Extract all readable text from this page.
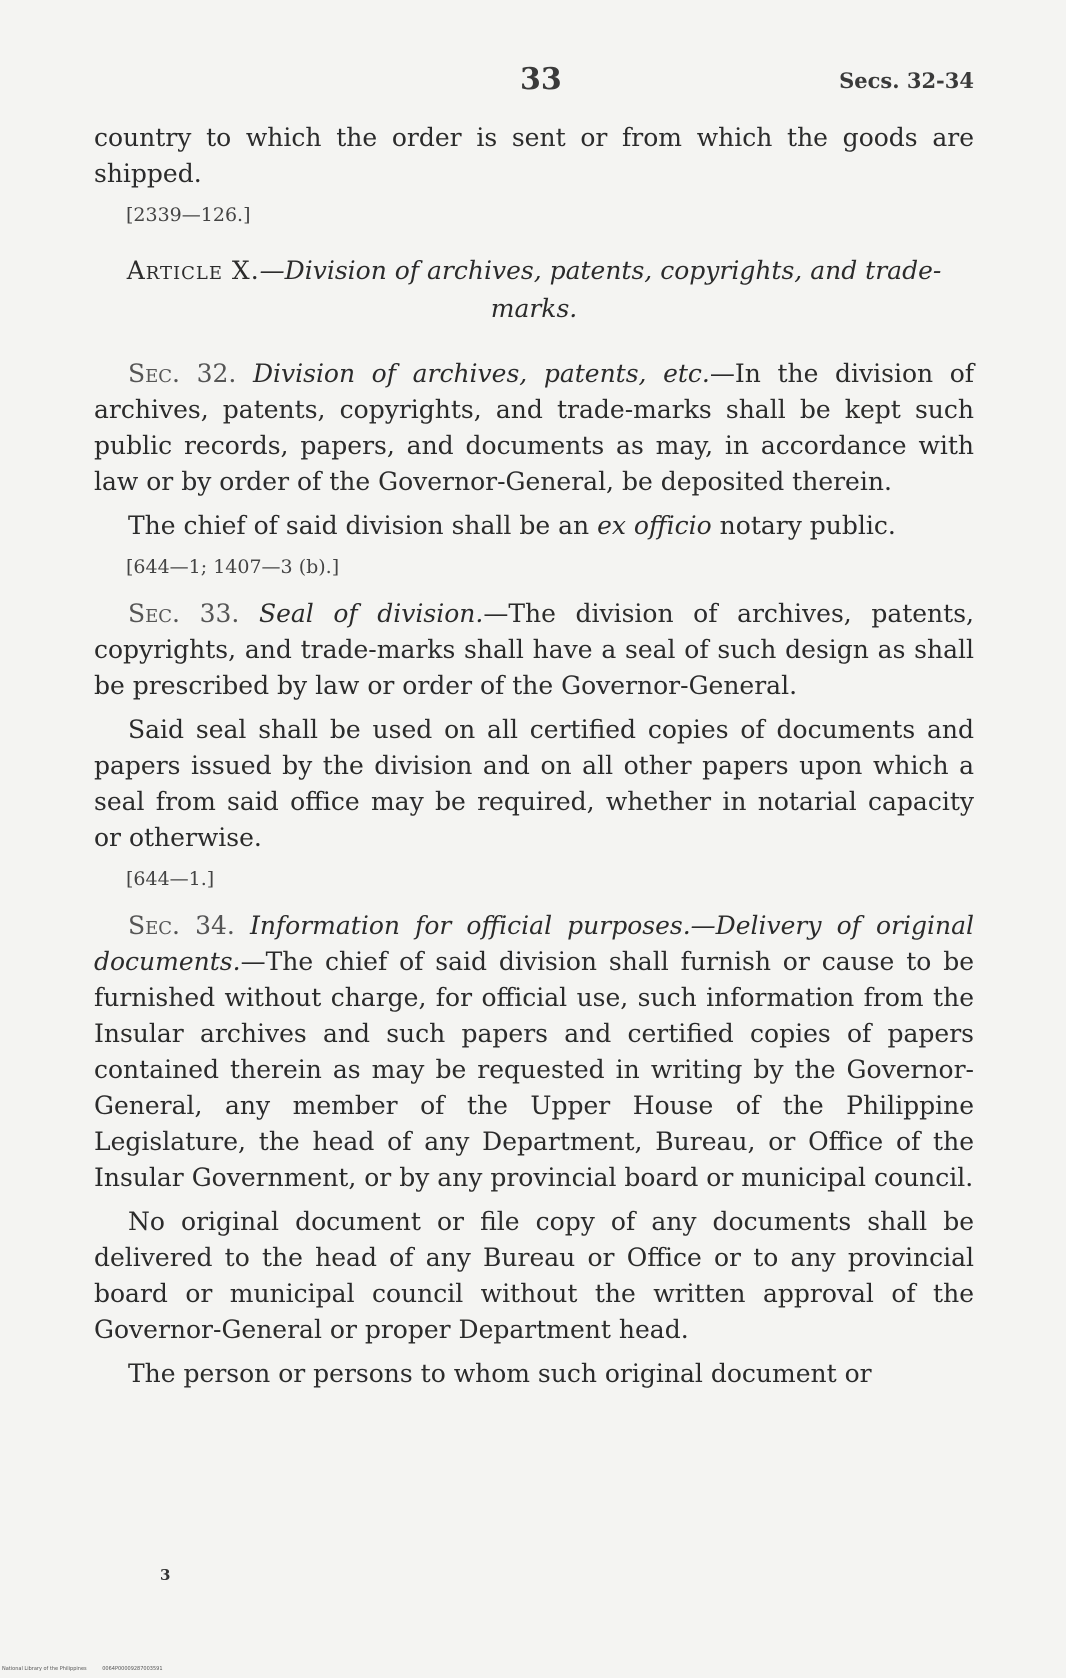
33	Secs. 32-34

country to which the order is sent or from which the goods are shipped.

[2339—126.]

Article X.—Division of archives, patents, copyrights, and trade-marks.

Sec. 32. Division of archives, patents, etc.—In the division of archives, patents, copyrights, and trade-marks shall be kept such public records, papers, and documents as may, in accordance with law or by order of the Governor-General, be deposited therein.

The chief of said division shall be an ex officio notary public.

[644—1; 1407—3 (b).]

Sec. 33. Seal of division.—The division of archives, patents, copyrights, and trade-marks shall have a seal of such design as shall be prescribed by law or order of the Governor-General.

Said seal shall be used on all certified copies of documents and papers issued by the division and on all other papers upon which a seal from said office may be required, whether in notarial capacity or otherwise.

[644—1.]

Sec. 34. Information for official purposes.—Delivery of original documents.—The chief of said division shall furnish or cause to be furnished without charge, for official use, such information from the Insular archives and such papers and certified copies of papers contained therein as may be requested in writing by the Governor-General, any member of the Upper House of the Philippine Legislature, the head of any Department, Bureau, or Office of the Insular Government, or by any provincial board or municipal council.

No original document or file copy of any documents shall be delivered to the head of any Bureau or Office or to any provincial board or municipal council without the written approval of the Governor-General or proper Department head.

The person or persons to whom such original document or

3
National Library of the Philippines	0064P00009287003591
